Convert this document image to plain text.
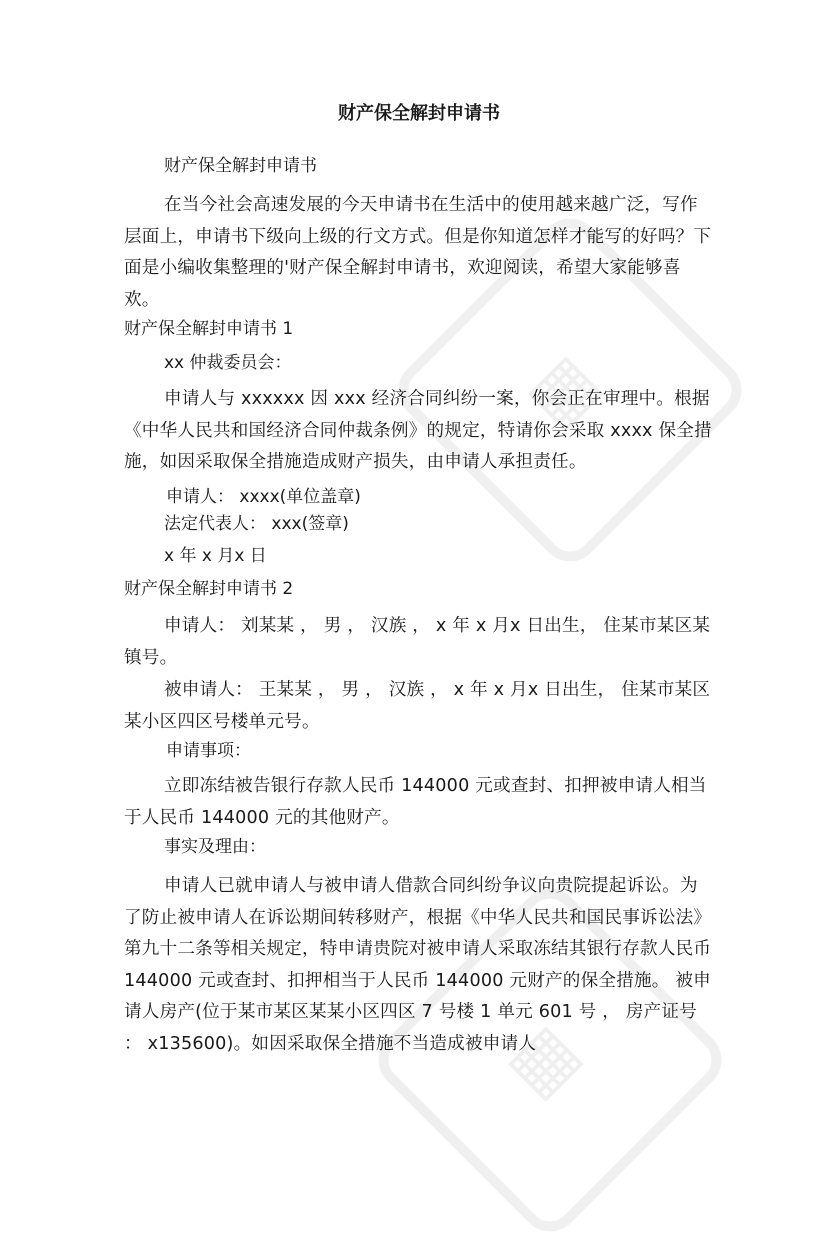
▦
▦
财产保全解封申请书
财产保全解封申请书
在当今社会高速发展的今天申请书在生活中的使用越来越广泛，写作层面上，申请书下级向上级的行文方式。但是你知道怎样才能写的好吗？下面是小编收集整理的'财产保全解封申请书，欢迎阅读，希望大家能够喜欢。
财产保全解封申请书 1
xx 仲裁委员会：
申请人与 xxxxxx 因 xxx 经济合同纠纷一案，你会正在审理中。根据《中华人民共和国经济合同仲裁条例》的规定，特请你会采取 xxxx 保全措施，如因采取保全措施造成财产损失，由申请人承担责任。
申请人： xxxx(单位盖章)
法定代表人： xxx(签章)
x 年 x 月x 日
财产保全解封申请书 2
申请人： 刘某某 ， 男 ， 汉族 ， x 年 x 月x 日出生， 住某市某区某镇号。
被申请人： 王某某 ， 男 ， 汉族 ， x 年 x 月x 日出生， 住某市某区某小区四区号楼单元号。
申请事项：
立即冻结被告银行存款人民币 144000 元或查封、扣押被申请人相当于人民币 144000 元的其他财产。
事实及理由：
申请人已就申请人与被申请人借款合同纠纷争议向贵院提起诉讼。为了防止被申请人在诉讼期间转移财产，根据《中华人民共和国民事诉讼法》 第九十二条等相关规定，特申请贵院对被申请人采取冻结其银行存款人民币 144000 元或查封、扣押相当于人民币 144000 元财产的保全措施。 被申请人房产(位于某市某区某某小区四区 7 号楼 1 单元 601 号 ， 房产证号 ： x135600)。如因采取保全措施不当造成被申请人
